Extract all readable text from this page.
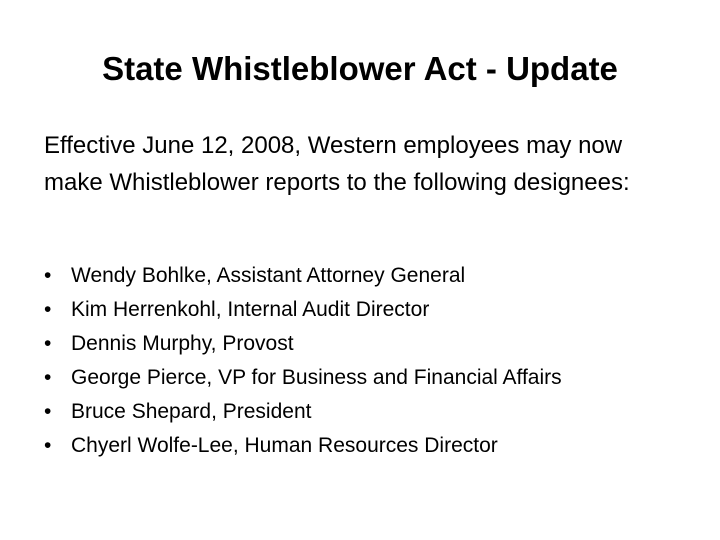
State Whistleblower Act - Update

Effective June 12, 2008, Western employees may now make Whistleblower reports to the following designees:

• Wendy Bohlke, Assistant Attorney General
• Kim Herrenkohl, Internal Audit Director
• Dennis Murphy, Provost
• George Pierce, VP for Business and Financial Affairs
• Bruce Shepard, President
• Chyerl Wolfe-Lee, Human Resources Director
